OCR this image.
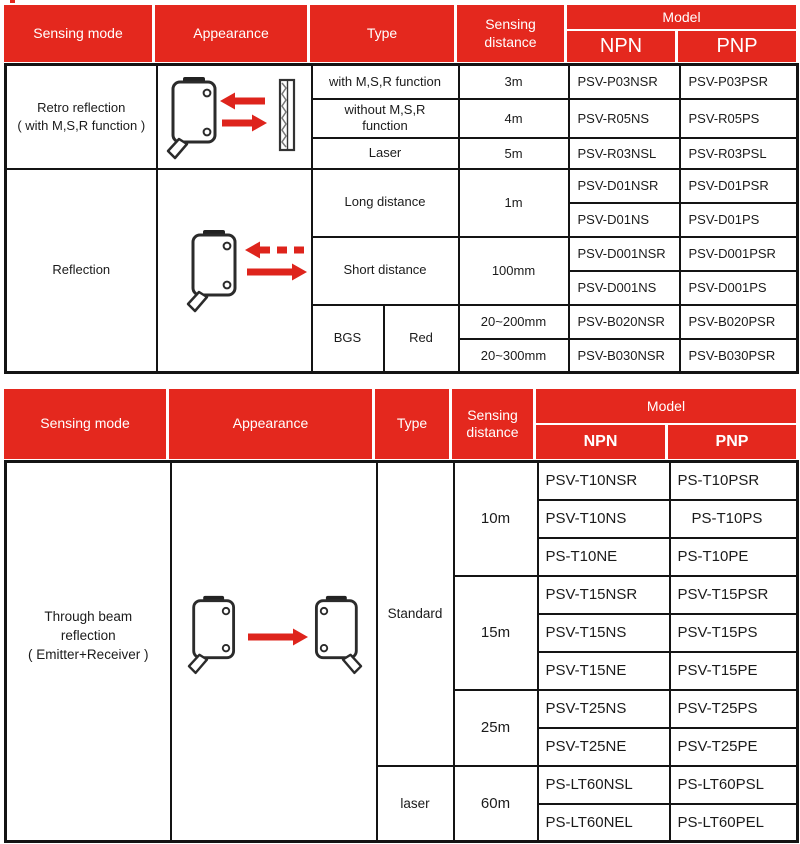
Sensing mode	Appearance	Type
Sensing
distance
Model
NPN	PNP
Retro reflection
( with M,S,R function )		with M,S,R function		3m	PSV-P03NSR	PSV-P03PSR

		without M,S,R
function		4m	PSV-R05NS	PSV-R05PS
		Laser		5m	PSV-R03NSL	PSV-R03PSL
Reflection		Long distance		1m	PSV-D01NSR	PSV-D01PSR
					PSV-D01NS	PSV-D01PS
		Short distance		100mm	PSV-D001NSR	PSV-D001PSR
					PSV-D001NS	PSV-D001PS
		BGS	Red	20~200mm	PSV-B020NSR	PSV-B020PSR
				20~300mm	PSV-B030NSR	PSV-B030PSR
Sensing mode	Appearance	Type
Sensing
distance
Model
NPN	PNP
Through beam
reflection
( Emitter+Receiver )		Standard	10m	PSV-T10NSR	PS-T10PSR
				PSV-T10NS	PS-T10PS
				PS-T10NE	PS-T10PE
			15m	PSV-T15NSR	PSV-T15PSR
				PSV-T15NS	PSV-T15PS
				PSV-T15NE	PSV-T15PE
			25m	PSV-T25NS	PSV-T25PS
				PSV-T25NE	PSV-T25PE
		laser	60m	PS-LT60NSL	PS-LT60PSL
				PS-LT60NEL	PS-LT60PEL
